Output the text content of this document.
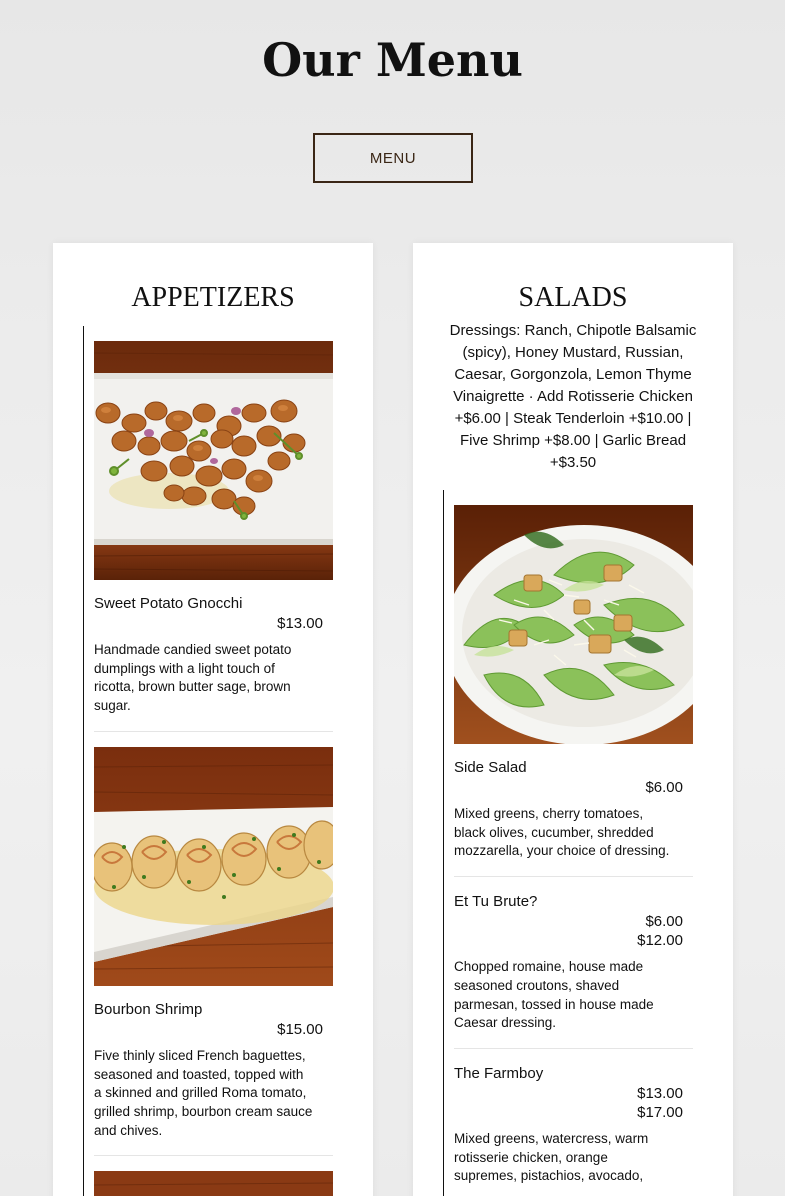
Our Menu
MENU
APPETIZERS

Sweet Potato Gnocchi

$13.00

Handmade candied sweet potato dumplings with a light touch of ricotta, brown butter sage, brown sugar.

Bourbon Shrimp

$15.00

Five thinly sliced French baguettes, seasoned and toasted, topped with a skinned and grilled Roma tomato, grilled shrimp, bourbon cream sauce and chives.

SALADS

Dressings: Ranch, Chipotle Balsamic (spicy), Honey Mustard, Russian, Caesar, Gorgonzola, Lemon Thyme Vinaigrette · Add Rotisserie Chicken +$6.00 | Steak Tenderloin +$10.00 | Five Shrimp +$8.00 | Garlic Bread +$3.50

Side Salad

$6.00

Mixed greens, cherry tomatoes, black olives, cucumber, shredded mozzarella, your choice of dressing.

Et Tu Brute?

$6.00
$12.00

Chopped romaine, house made seasoned croutons, shaved parmesan, tossed in house made Caesar dressing.

The Farmboy

$13.00
$17.00

Mixed greens, watercress, warm rotisserie chicken, orange supremes, pistachios, avocado,
